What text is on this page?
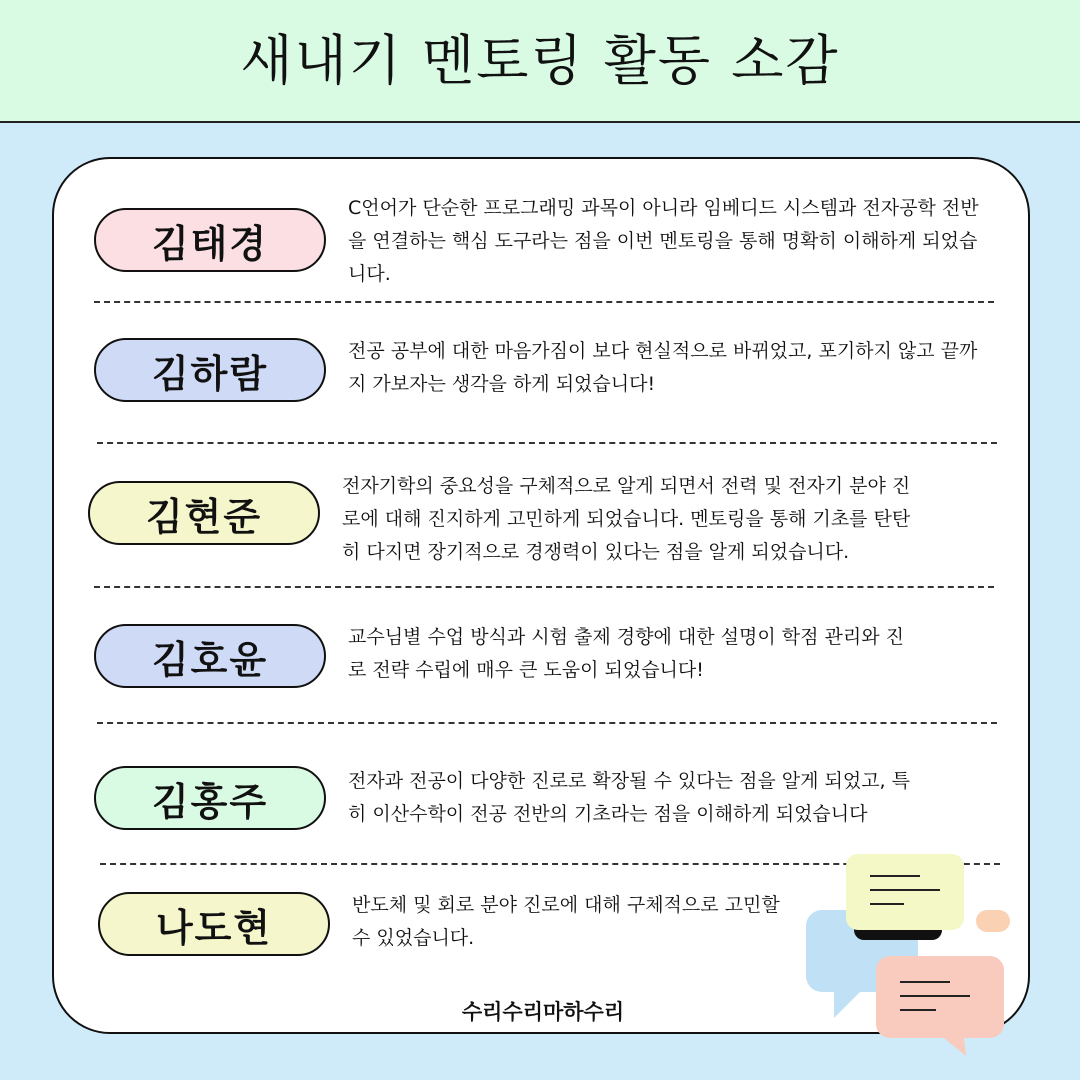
새내기 멘토링 활동 소감
김태경
C언어가 단순한 프로그래밍 과목이 아니라 임베디드 시스템과 전자공학 전반을 연결하는 핵심 도구라는 점을 이번 멘토링을 통해 명확히 이해하게 되었습니다.
김하람
전공 공부에 대한 마음가짐이 보다 현실적으로 바뀌었고, 포기하지 않고 끝까지 가보자는 생각을 하게 되었습니다!
김현준
전자기학의 중요성을 구체적으로 알게 되면서 전력 및 전자기 분야 진로에 대해 진지하게 고민하게 되었습니다. 멘토링을 통해 기초를 탄탄히 다지면 장기적으로 경쟁력이 있다는 점을 알게 되었습니다.
김호윤
교수님별 수업 방식과 시험 출제 경향에 대한 설명이 학점 관리와 진로 전략 수립에 매우 큰 도움이 되었습니다!
김홍주	전자과 전공이 다양한 진로로 확장될 수 있다는 점을 알게 되었고, 특히 이산수학이 전공 전반의 기초라는 점을 이해하게 되었습니다
나도현
반도체 및 회로 분야 진로에 대해 구체적으로 고민할 수 있었습니다.
수리수리마하수리
